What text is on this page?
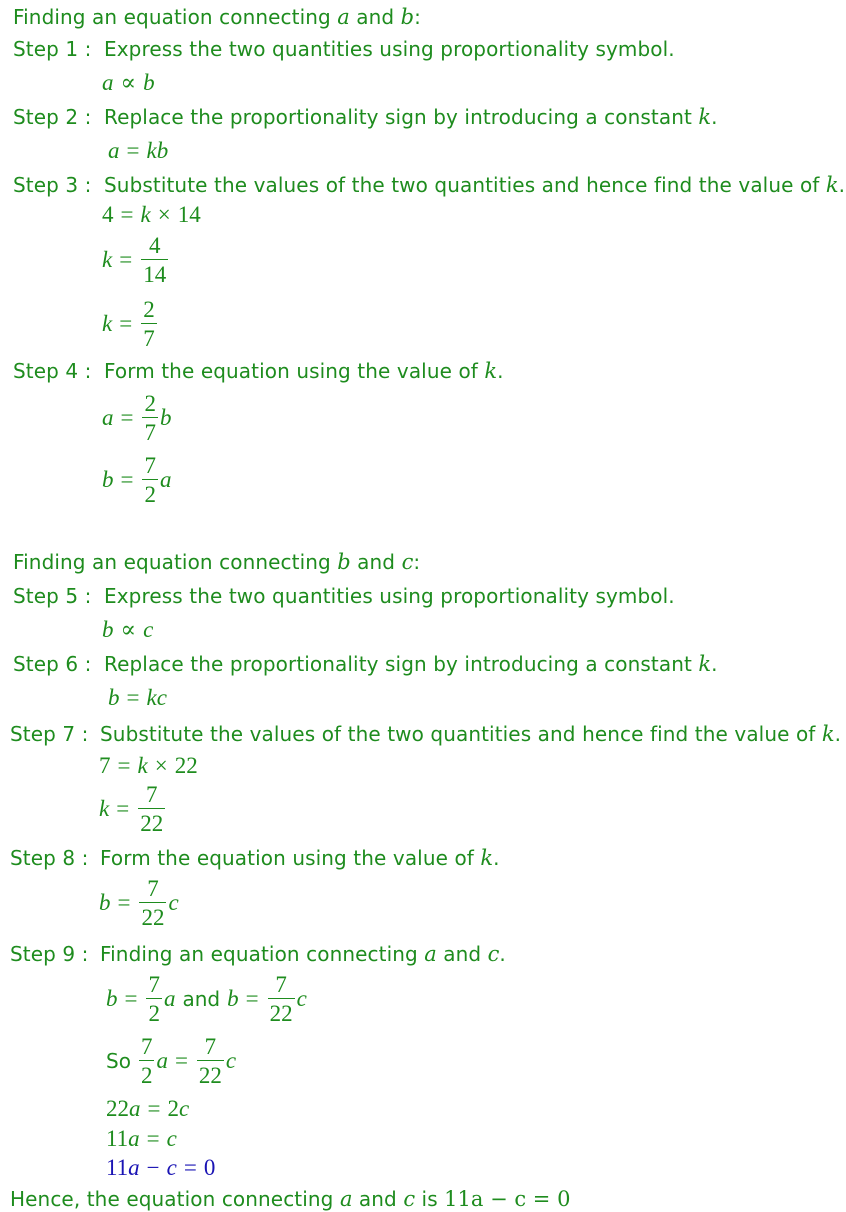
Finding an equation connecting a and b:
Step 1 : Express the two quantities using proportionality symbol.
a ∝ b
Step 2 : Replace the proportionality sign by introducing a constant k.
a = kb
Step 3 : Substitute the values of the two quantities and hence find the value of k.
4 = k × 14
$k = \frac{4}{14}$
$k = \frac{2}{7}$
Step 4 : Form the equation using the value of k.
$a = \frac{2}{7}$ b
$b = \frac{7}{2}$ a
Finding an equation connecting b and c:
Step 5 : Express the two quantities using proportionality symbol.
b ∝ c
Step 6 : Replace the proportionality sign by introducing a constant k.
b = kc
Step 7 : Substitute the values of the two quantities and hence find the value of k.
7 = k × 22
$k = \frac{7}{22}$
Step 8 : Form the equation using the value of k.
$b = \frac{7}{22}$ c
Step 9 : Finding an equation connecting a and c.
$b = \frac{7}{2}$ a and $b = \frac{7}{22}$ c
So $\frac{7}{2}$ $a = \frac{7}{22}$ c
22 a = 2 c
11 a = c
11 a − c = 0
Hence, the equation connecting a and c is 11a − c = 0
